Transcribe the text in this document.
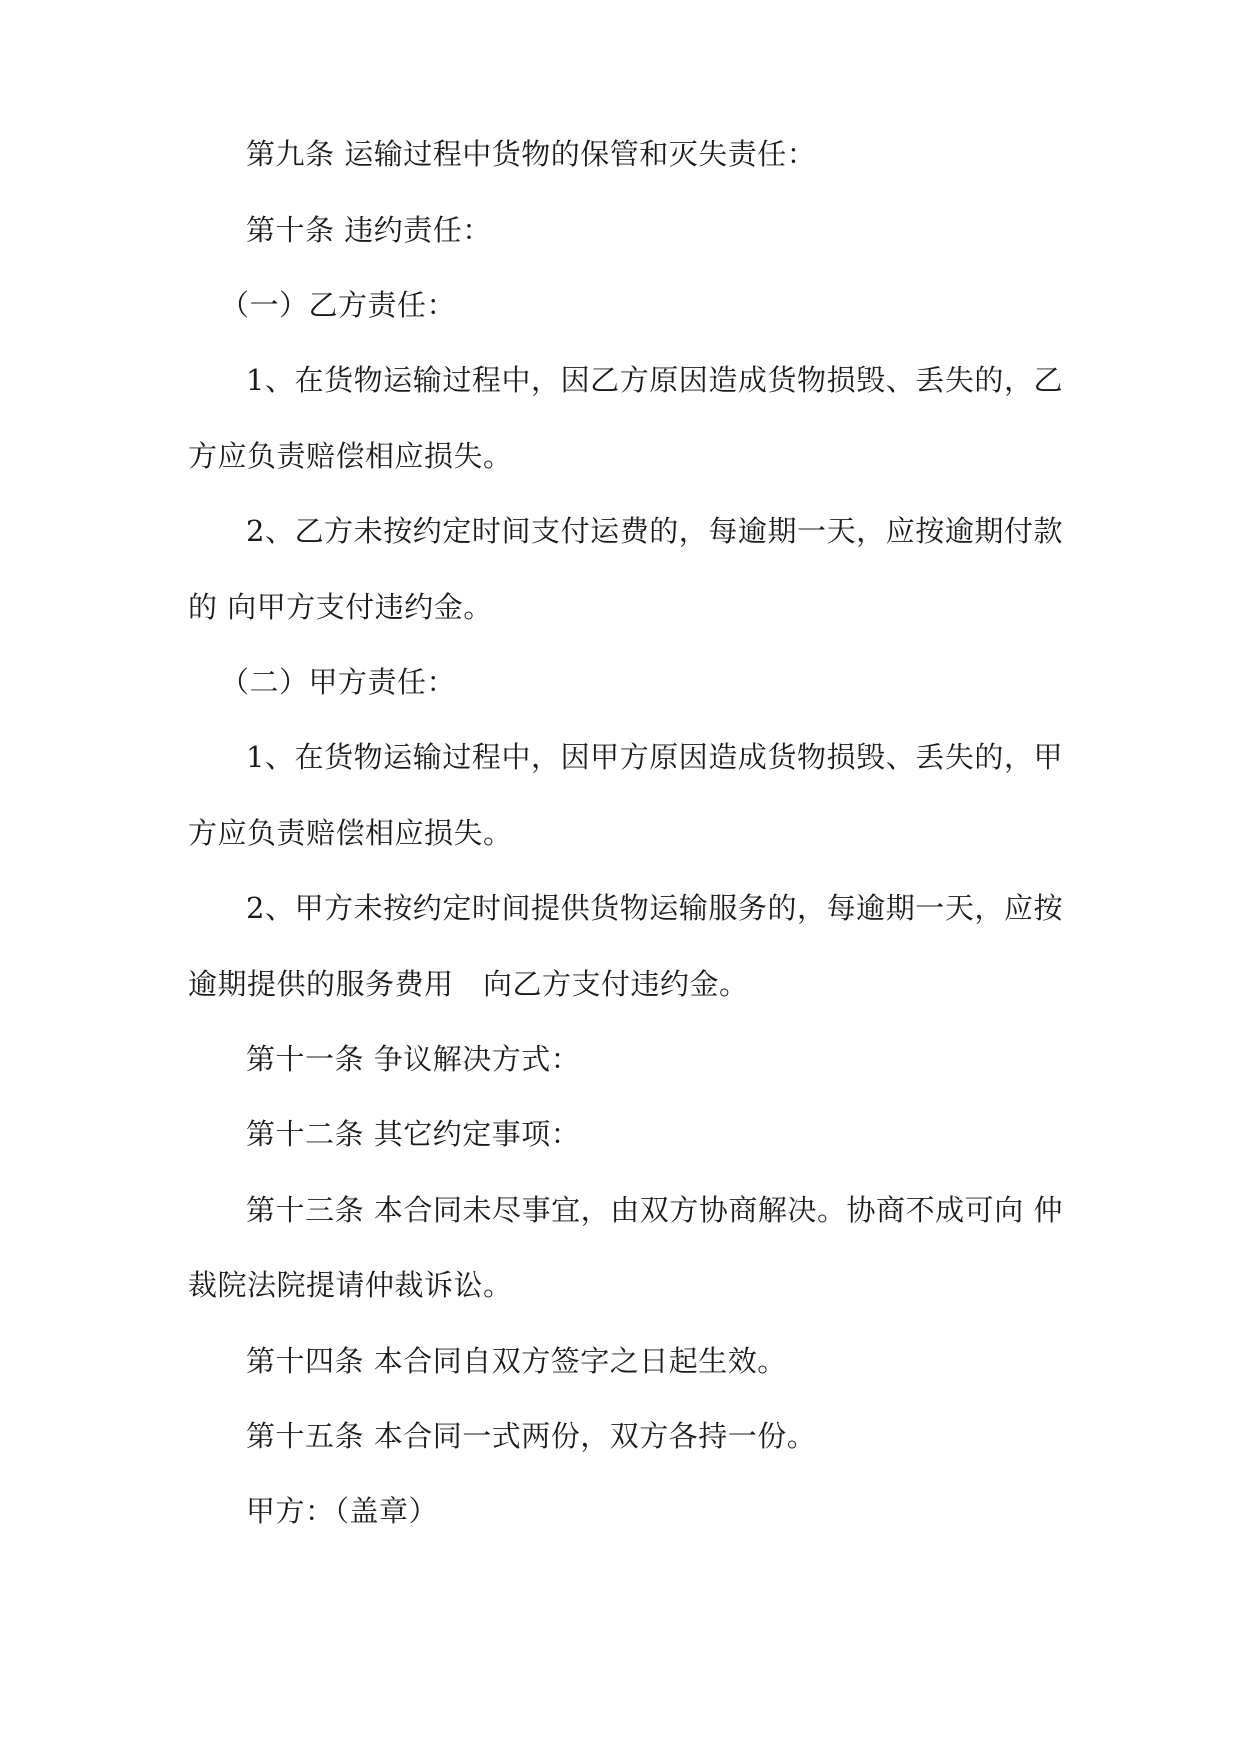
第九条 运输过程中货物的保管和灭失责任：
第十条 违约责任：
（一）乙方责任：
1、在货物运输过程中，因乙方原因造成货物损毁、丢失的，乙
方应负责赔偿相应损失。
2、乙方未按约定时间支付运费的，每逾期一天，应按逾期付款
的 向甲方支付违约金。
（二）甲方责任：
1、在货物运输过程中，因甲方原因造成货物损毁、丢失的，甲
方应负责赔偿相应损失。
2、甲方未按约定时间提供货物运输服务的，每逾期一天，应按
逾期提供的服务费用　向乙方支付违约金。
第十一条 争议解决方式：
第十二条 其它约定事项：
第十三条 本合同未尽事宜，由双方协商解决。协商不成可向 仲
裁院法院提请仲裁诉讼。
第十四条 本合同自双方签字之日起生效。
第十五条 本合同一式两份，双方各持一份。
甲方：（盖章）
